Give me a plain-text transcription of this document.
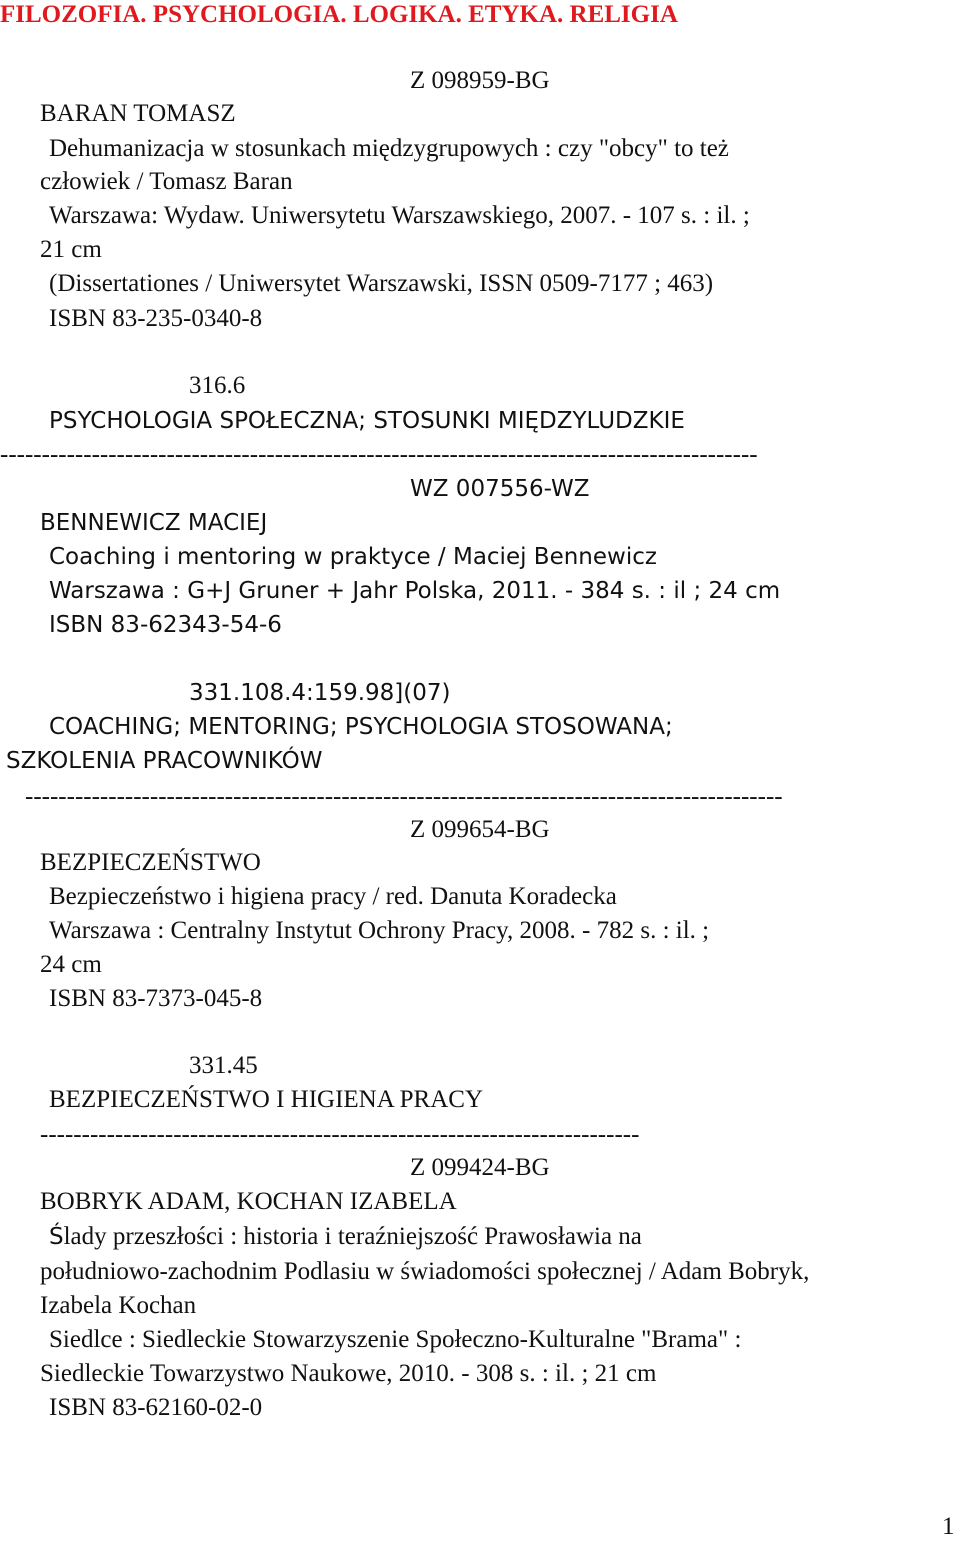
FILOZOFIA. PSYCHOLOGIA. LOGIKA. ETYKA. RELIGIA
Z 098959-BG
BARAN TOMASZ
Dehumanizacja w stosunkach międzygrupowych : czy "obcy" to też
człowiek / Tomasz Baran
Warszawa: Wydaw. Uniwersytetu Warszawskiego, 2007. - 107 s. : il. ;
21 cm
(Dissertationes / Uniwersytet Warszawski, ISSN 0509-7177 ; 463)
ISBN 83-235-0340-8
316.6
PSYCHOLOGIA SPOŁECZNA; STOSUNKI MIĘDZYLUDZKIE
-------------------------------------------------------------------------------------------
WZ 007556-WZ
BENNEWICZ MACIEJ
Coaching i mentoring w praktyce / Maciej Bennewicz
Warszawa : G+J Gruner + Jahr Polska, 2011. - 384 s. : il ; 24 cm
ISBN 83-62343-54-6
331.108.4:159.98](07)
COACHING; MENTORING; PSYCHOLOGIA STOSOWANA;
SZKOLENIA PRACOWNIKÓW
-------------------------------------------------------------------------------------------
Z 099654-BG
BEZPIECZEŃSTWO
Bezpieczeństwo i higiena pracy / red. Danuta Koradecka
Warszawa : Centralny Instytut Ochrony Pracy, 2008. - 782 s. : il. ;
24 cm
ISBN 83-7373-045-8
331.45
BEZPIECZEŃSTWO I HIGIENA PRACY
------------------------------------------------------------------------
Z 099424-BG
BOBRYK ADAM, KOCHAN IZABELA
Ślady przeszłości : historia i teraźniejszość Prawosławia na
południowo-zachodnim Podlasiu w świadomości społecznej / Adam Bobryk,
Izabela Kochan
Siedlce : Siedleckie Stowarzyszenie Społeczno-Kulturalne "Brama" :
Siedleckie Towarzystwo Naukowe, 2010. - 308 s. : il. ; 21 cm
ISBN 83-62160-02-0
1
